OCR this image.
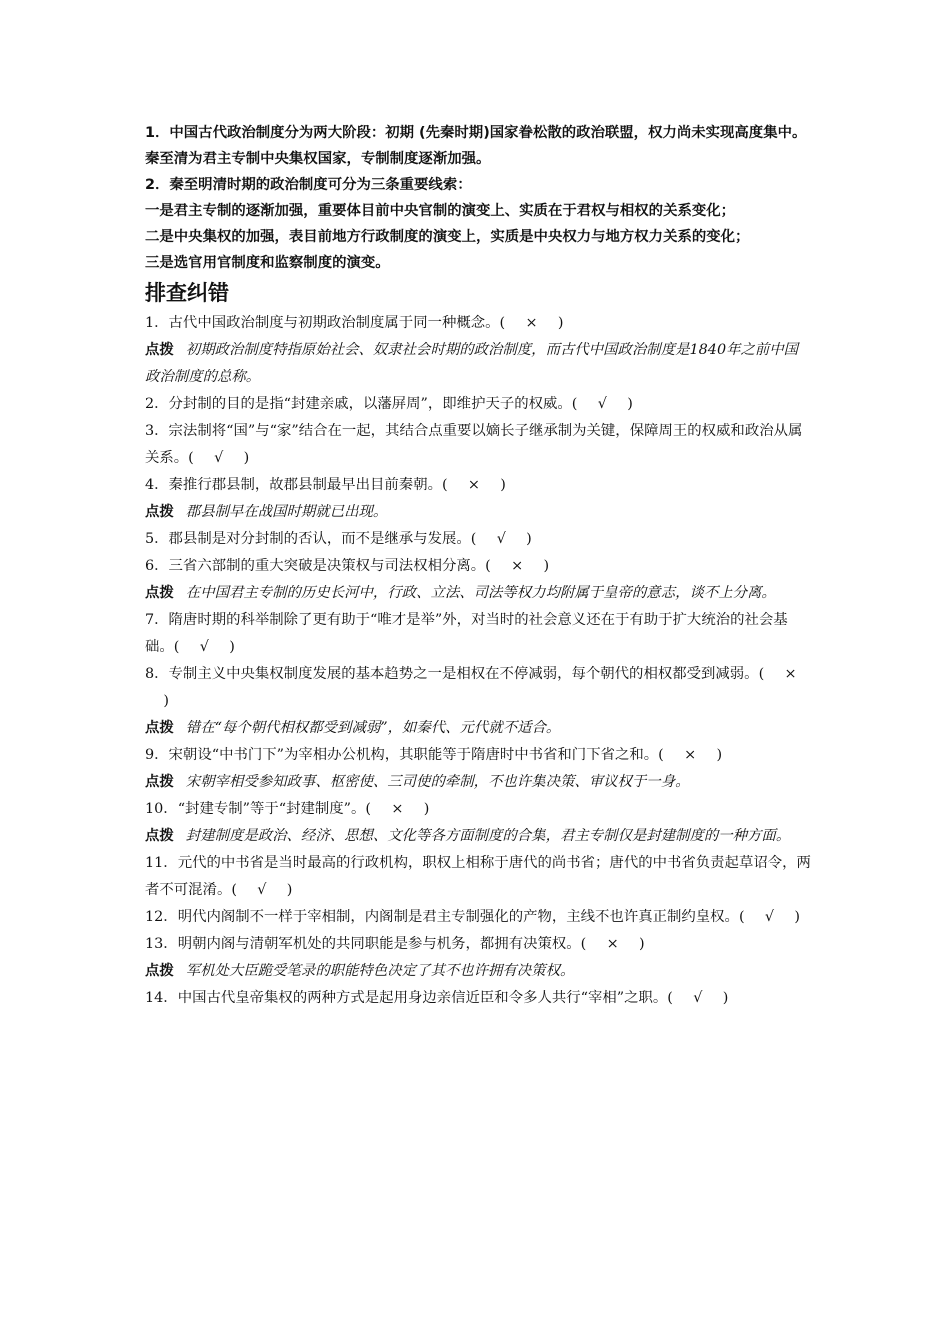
1．中国古代政治制度分为两大阶段：初期 (先秦时期)国家眷松散的政治联盟，权力尚未实现高度集中。秦至清为君主专制中央集权国家，专制制度逐渐加强。

2．秦至明清时期的政治制度可分为三条重要线索：

一是君主专制的逐渐加强，重要体目前中央官制的演变上、实质在于君权与相权的关系变化；

二是中央集权的加强，表目前地方行政制度的演变上，实质是中央权力与地方权力关系的变化；

三是选官用官制度和监察制度的演变。

排查纠错

1．古代中国政治制度与初期政治制度属于同一种概念。( × )

点拨 初期政治制度特指原始社会、奴隶社会时期的政治制度，而古代中国政治制度是1840年之前中国政治制度的总称。

2．分封制的目的是指“封建亲戚，以藩屏周”，即维护天子的权威。( √ )

3．宗法制将“国”与“家”结合在一起，其结合点重要以嫡长子继承制为关键，保障周王的权威和政治从属关系。( √ )

4．秦推行郡县制，故郡县制最早出目前秦朝。( × )

点拨 郡县制早在战国时期就已出现。

5．郡县制是对分封制的否认，而不是继承与发展。( √ )

6．三省六部制的重大突破是决策权与司法权相分离。( × )

点拨 在中国君主专制的历史长河中，行政、立法、司法等权力均附属于皇帝的意志，谈不上分离。

7．隋唐时期的科举制除了更有助于“唯才是举”外，对当时的社会意义还在于有助于扩大统治的社会基础。( √ )

8．专制主义中央集权制度发展的基本趋势之一是相权在不停减弱，每个朝代的相权都受到减弱。( ×    )

点拨 错在“每个朝代相权都受到减弱”，如秦代、元代就不适合。

9．宋朝设“中书门下”为宰相办公机构，其职能等于隋唐时中书省和门下省之和。( × )

点拨 宋朝宰相受参知政事、枢密使、三司使的牵制，不也许集决策、审议权于一身。

10．“封建专制”等于“封建制度”。( × )

点拨 封建制度是政治、经济、思想、文化等各方面制度的合集，君主专制仅是封建制度的一种方面。

11．元代的中书省是当时最高的行政机构，职权上相称于唐代的尚书省；唐代的中书省负责起草诏令，两者不可混淆。( √ )

12．明代内阁制不一样于宰相制，内阁制是君主专制强化的产物，主线不也许真正制约皇权。( √ )

13．明朝内阁与清朝军机处的共同职能是参与机务，都拥有决策权。( × )

点拨 军机处大臣跪受笔录的职能特色决定了其不也许拥有决策权。

14．中国古代皇帝集权的两种方式是起用身边亲信近臣和令多人共行“宰相”之职。( √ )
